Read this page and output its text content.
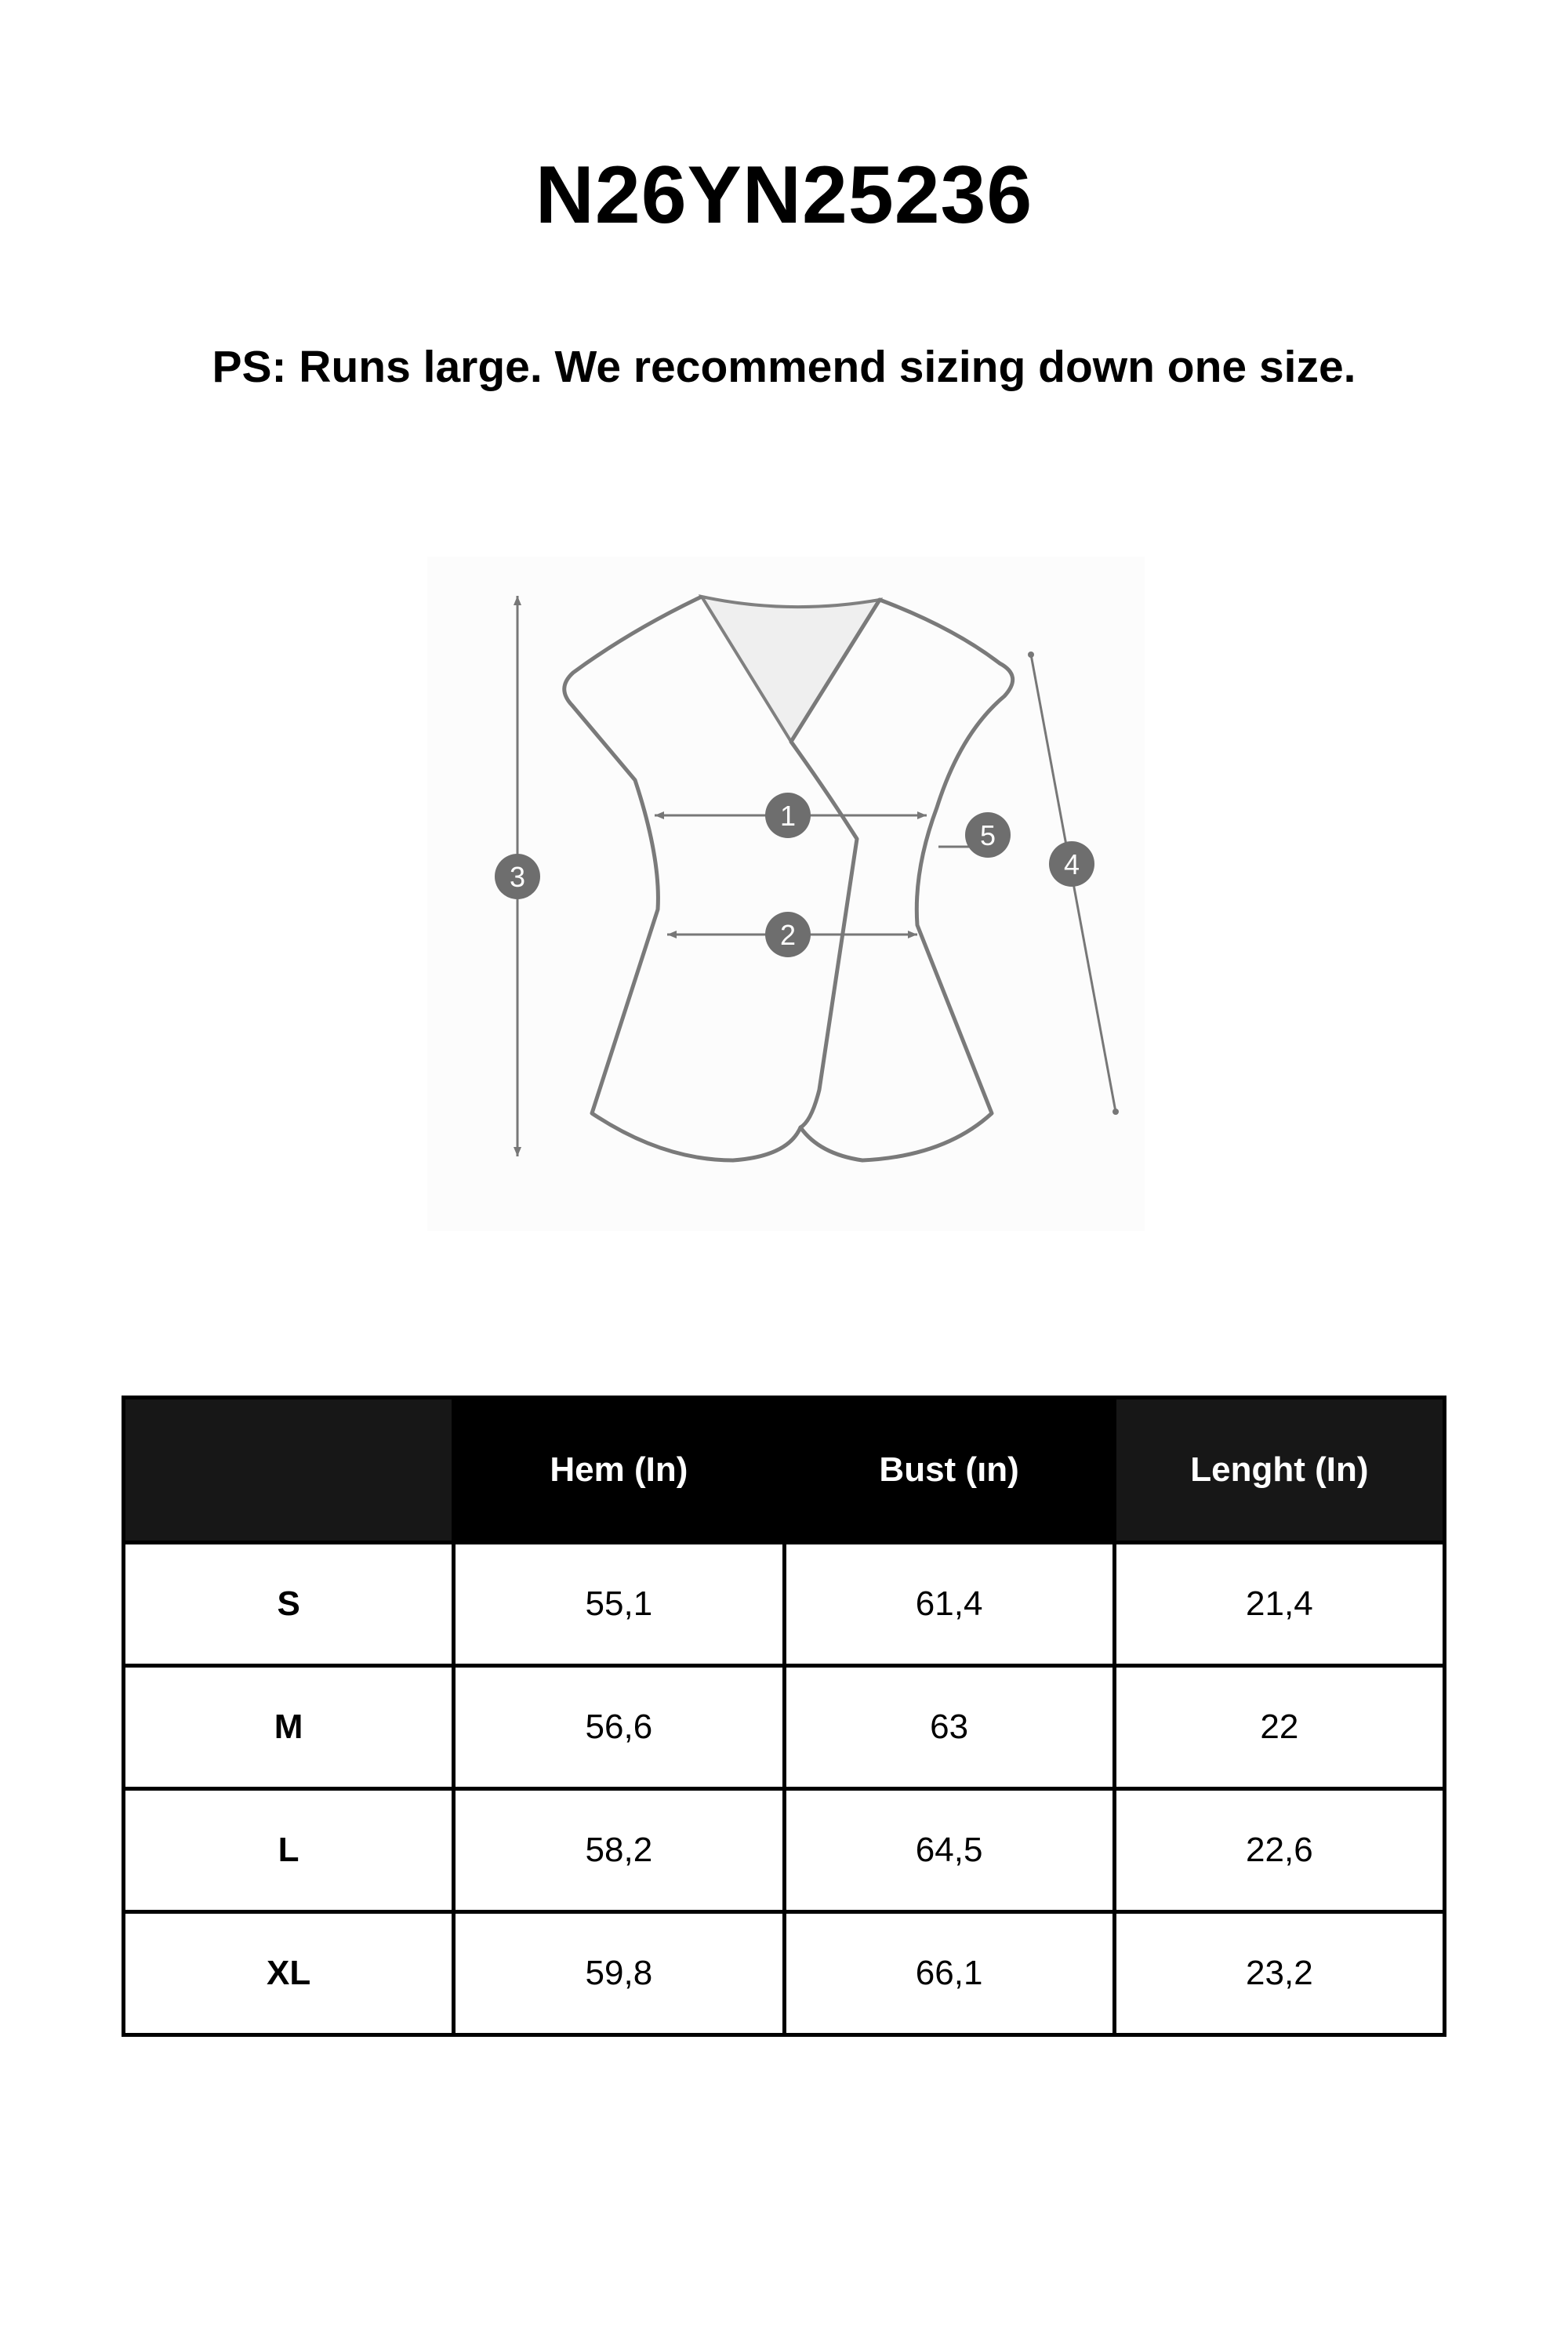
N26YN25236
PS: Runs large. We recommend sizing down one size.
1
2
3	4
5
	Hem (In)	Bust (ın)	Lenght (In)
S	55,1	61,4	21,4
M	56,6	63	22
L	58,2	64,5	22,6
XL	59,8	66,1	23,2
